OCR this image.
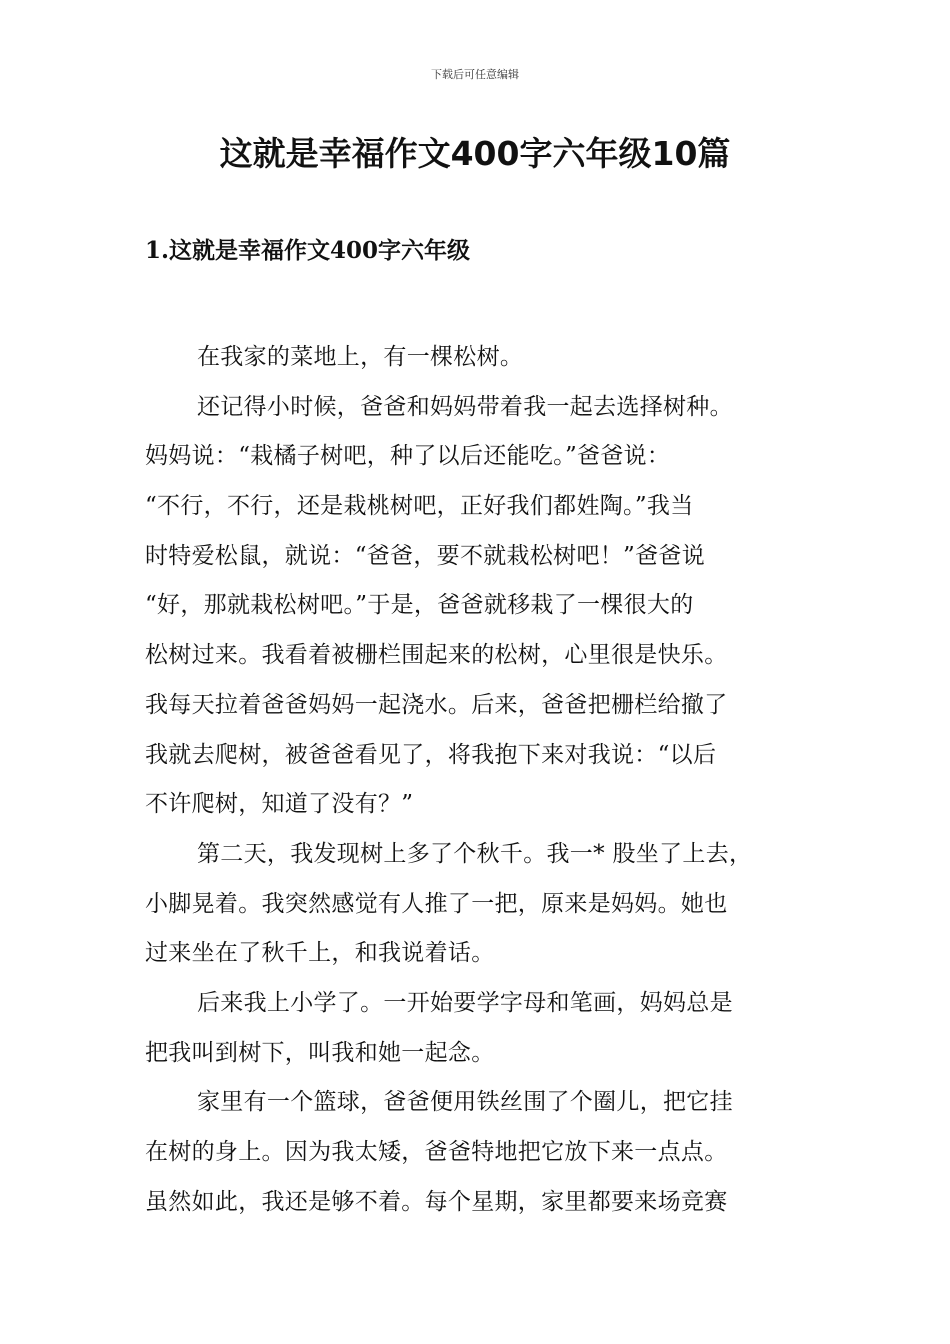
下载后可任意编辑
这就是幸福作文400字六年级10篇
1.这就是幸福作文400字六年级
在我家的菜地上，有一棵松树。
还记得小时候，爸爸和妈妈带着我一起去选择树种。
妈妈说：“栽橘子树吧，种了以后还能吃。”爸爸说：
“不行，不行，还是栽桃树吧，正好我们都姓陶。”我当
时特爱松鼠，就说：“爸爸，要不就栽松树吧！”爸爸说
“好，那就栽松树吧。”于是，爸爸就移栽了一棵很大的
松树过来。我看着被栅栏围起来的松树，心里很是快乐。
我每天拉着爸爸妈妈一起浇水。后来，爸爸把栅栏给撤了
我就去爬树，被爸爸看见了，将我抱下来对我说：“以后
不许爬树，知道了没有？”
第二天，我发现树上多了个秋千。我一* 股坐了上去，
小脚晃着。我突然感觉有人推了一把，原来是妈妈。她也
过来坐在了秋千上，和我说着话。
后来我上小学了。一开始要学字母和笔画，妈妈总是
把我叫到树下，叫我和她一起念。
家里有一个篮球，爸爸便用铁丝围了个圈儿，把它挂
在树的身上。因为我太矮，爸爸特地把它放下来一点点。
虽然如此，我还是够不着。每个星期，家里都要来场竞赛
